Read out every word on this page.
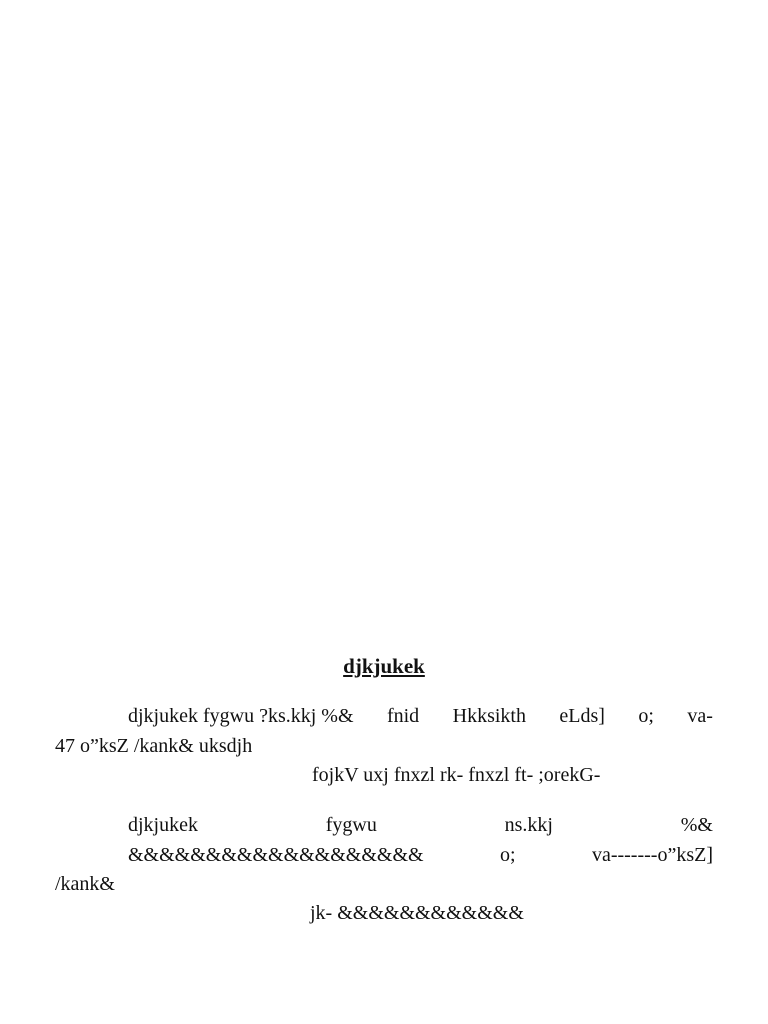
djkjukek
djkjukek fygwu ?ks.kkj %& fnid Hkksikth eLds] o; va-
47 o”ksZ /kank& uksdjh
fojkV uxj fnxzl rk- fnxzl ft- ;orekG-
djkjukek	fygwu	ns.kkj	%&
&&&&&&&&&&&&&&&&&&&	o;	va-------o”ksZ]
/kank&
jk- &&&&&&&&&&&&
